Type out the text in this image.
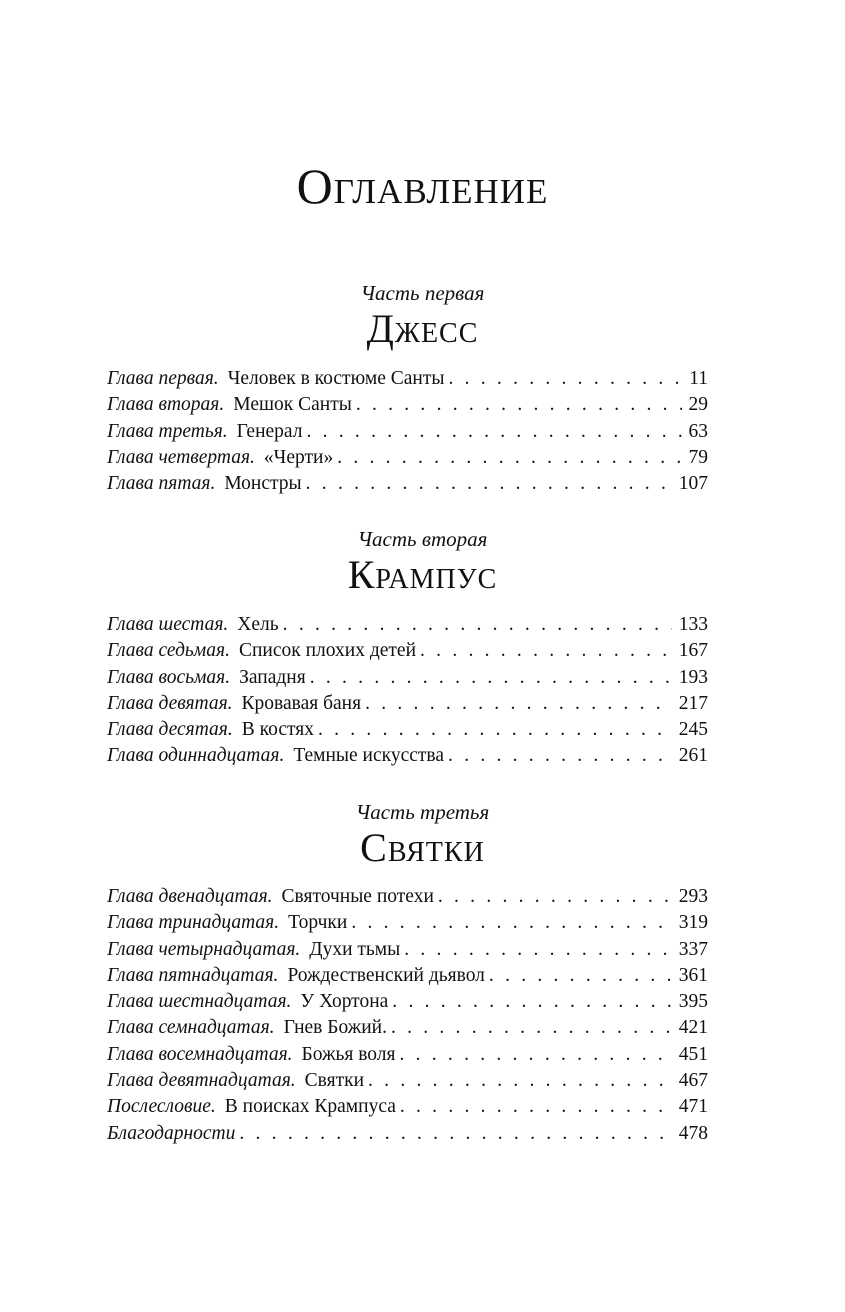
Оглавление
Часть первая
Джесс
Глава первая. Человек в костюме Санты . . .	11
Глава вторая. Мешок Санты . . .	29
Глава третья. Генерал . . .	63
Глава четвертая. «Черти» . . .	79
Глава пятая. Монстры . . .	107
Часть вторая
Крампус
Глава шестая. Хель . . .	133
Глава седьмая. Список плохих детей . . .	167
Глава восьмая. Западня . . .	193
Глава девятая. Кровавая баня . . .	217
Глава десятая. В костях . . .	245
Глава одиннадцатая. Темные искусства . . .	261
Часть третья
Святки
Глава двенадцатая. Святочные потехи . . .	293
Глава тринадцатая. Торчки . . .	319
Глава четырнадцатая. Духи тьмы . . .	337
Глава пятнадцатая. Рождественский дьявол . . .	361
Глава шестнадцатая. У Хортона . . .	395
Глава семнадцатая. Гнев Божий. . . .	421
Глава восемнадцатая. Божья воля . . .	451
Глава девятнадцатая. Святки . . .	467
Послесловие. В поисках Крампуса . . .	471
Благодарности . . .	478
